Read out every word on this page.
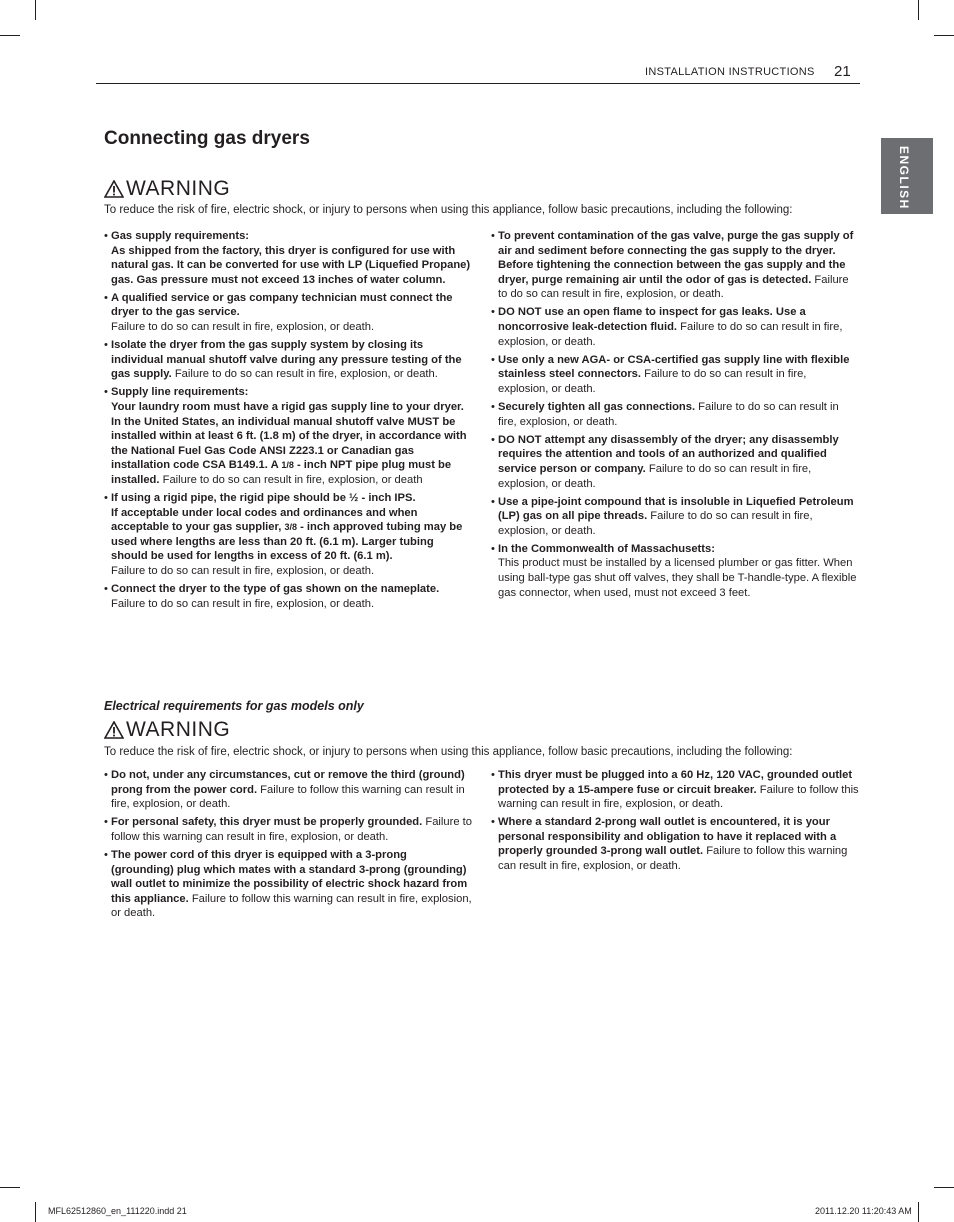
INSTALLATION INSTRUCTIONS 21
ENGLISH
Connecting gas dryers
WARNING
To reduce the risk of fire, electric shock, or injury to persons when using this appliance, follow basic precautions, including the following:
• Gas supply requirements:
As shipped from the factory, this dryer is configured for use with natural gas. It can be converted for use with LP (Liquefied Propane) gas. Gas pressure must not exceed 13 inches of water column.
• A qualified service or gas company technician must connect the dryer to the gas service.
Failure to do so can result in fire, explosion, or death.
• Isolate the dryer from the gas supply system by closing its individual manual shutoff valve during any pressure testing of the gas supply. Failure to do so can result in fire, explosion, or death.
• Supply line requirements:
Your laundry room must have a rigid gas supply line to your dryer. In the United States, an individual manual shutoff valve MUST be installed within at least 6 ft. (1.8 m) of the dryer, in accordance with the National Fuel Gas Code ANSI Z223.1 or Canadian gas installation code CSA B149.1. A 1/8 - inch NPT pipe plug must be installed. Failure to do so can result in fire, explosion, or death
• If using a rigid pipe, the rigid pipe should be ½ - inch IPS.
If acceptable under local codes and ordinances and when acceptable to your gas supplier, 3/8 - inch approved tubing may be used where lengths are less than 20 ft. (6.1 m). Larger tubing should be used for lengths in excess of 20 ft. (6.1 m).
Failure to do so can result in fire, explosion, or death.
• Connect the dryer to the type of gas shown on the nameplate.
Failure to do so can result in fire, explosion, or death.
• To prevent contamination of the gas valve, purge the gas supply of air and sediment before connecting the gas supply to the dryer. Before tightening the connection between the gas supply and the dryer, purge remaining air until the odor of gas is detected. Failure to do so can result in fire, explosion, or death.
• DO NOT use an open flame to inspect for gas leaks. Use a noncorrosive leak-detection fluid. Failure to do so can result in fire, explosion, or death.
• Use only a new AGA- or CSA-certified gas supply line with flexible stainless steel connectors. Failure to do so can result in fire, explosion, or death.
• Securely tighten all gas connections. Failure to do so can result in fire, explosion, or death.
• DO NOT attempt any disassembly of the dryer; any disassembly requires the attention and tools of an authorized and qualified service person or company. Failure to do so can result in fire, explosion, or death.
• Use a pipe-joint compound that is insoluble in Liquefied Petroleum (LP) gas on all pipe threads. Failure to do so can result in fire, explosion, or death.
• In the Commonwealth of Massachusetts:
This product must be installed by a licensed plumber or gas fitter. When using ball-type gas shut off valves, they shall be T-handle-type. A flexible gas connector, when used, must not exceed 3 feet.
Electrical requirements for gas models only
WARNING
To reduce the risk of fire, electric shock, or injury to persons when using this appliance, follow basic precautions, including the following:
• Do not, under any circumstances, cut or remove the third (ground) prong from the power cord. Failure to follow this warning can result in fire, explosion, or death.
• For personal safety, this dryer must be properly grounded. Failure to follow this warning can result in fire, explosion, or death.
• The power cord of this dryer is equipped with a 3-prong (grounding) plug which mates with a standard 3-prong (grounding) wall outlet to minimize the possibility of electric shock hazard from this appliance. Failure to follow this warning can result in fire, explosion, or death.
• This dryer must be plugged into a 60 Hz, 120 VAC, grounded outlet protected by a 15-ampere fuse or circuit breaker. Failure to follow this warning can result in fire, explosion, or death.
• Where a standard 2-prong wall outlet is encountered, it is your personal responsibility and obligation to have it replaced with a properly grounded 3-prong wall outlet. Failure to follow this warning can result in fire, explosion, or death.
MFL62512860_en_111220.indd 21	2011.12.20 11:20:43 AM
